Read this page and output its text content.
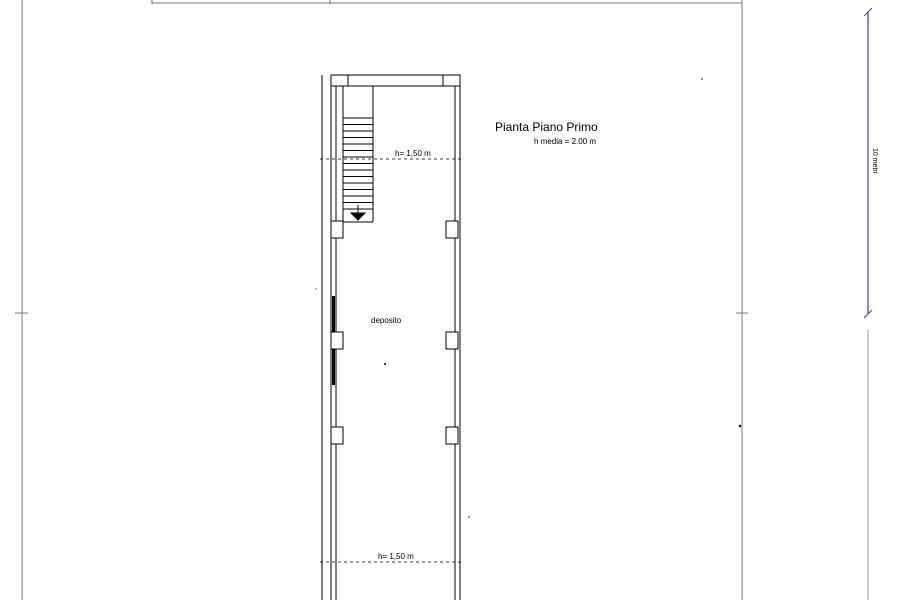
10 metri
h= 1,50 m
h= 1,50 m
deposito
Pianta Piano Primo
h media = 2.00 m
